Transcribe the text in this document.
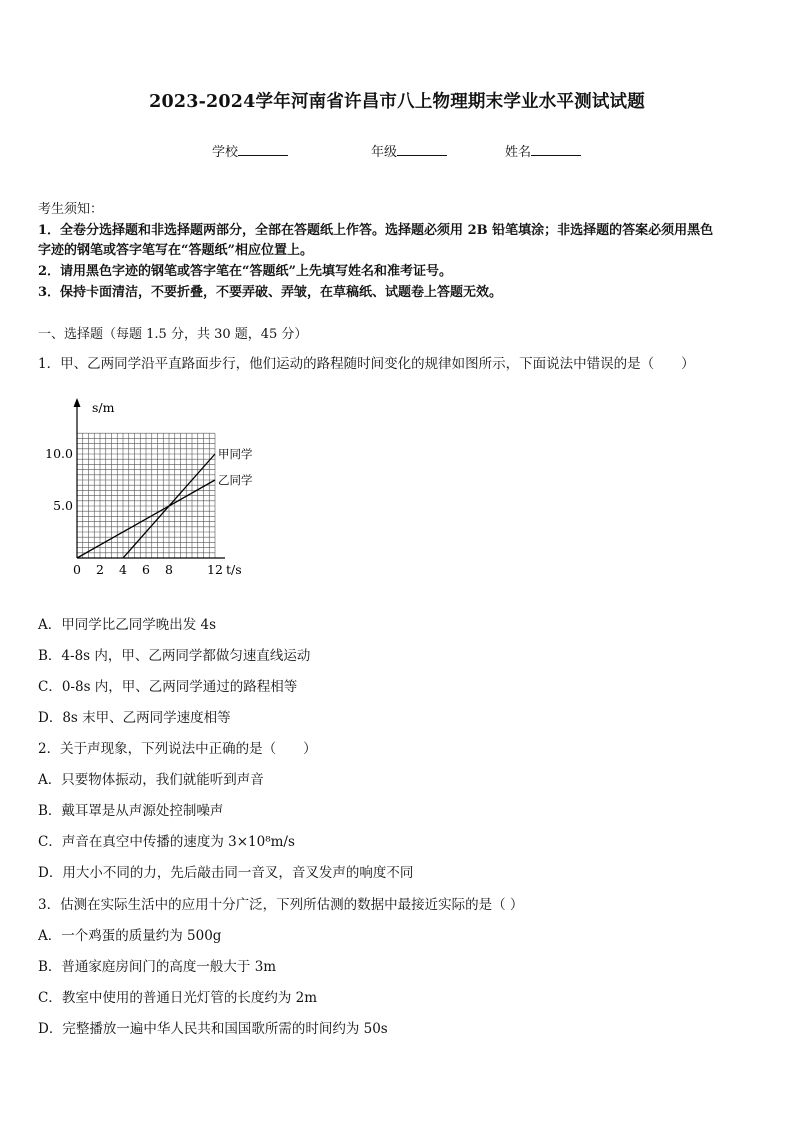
2023-2024学年河南省许昌市八上物理期末学业水平测试试题
学校	年级	姓名
考生须知：
1．全卷分选择题和非选择题两部分，全部在答题纸上作答。选择题必须用 2B 铅笔填涂；非选择题的答案必须用黑色
字迹的钢笔或答字笔写在“答题纸”相应位置上。
2．请用黑色字迹的钢笔或答字笔在“答题纸”上先填写姓名和准考证号。
3．保持卡面清洁，不要折叠，不要弄破、弄皱，在草稿纸、试题卷上答题无效。
一、选择题（每题 1.5 分，共 30 题，45 分）
1．甲、乙两同学沿平直路面步行，他们运动的路程随时间变化的规律如图所示，下面说法中错误的是（　　）
0 2 4 6 8	12
10.0
5.0
甲同学
乙同学
s/m
t/s
A．甲同学比乙同学晚出发 4s
B．4-8s 内，甲、乙两同学都做匀速直线运动
C．0-8s 内，甲、乙两同学通过的路程相等
D．8s 末甲、乙两同学速度相等
2．关于声现象，下列说法中正确的是（　　）
A．只要物体振动，我们就能听到声音
B．戴耳罩是从声源处控制噪声
C．声音在真空中传播的速度为 3×10⁸m/s
D．用大小不同的力，先后敲击同一音叉，音叉发声的响度不同
3．估测在实际生活中的应用十分广泛，下列所估测的数据中最接近实际的是（ ）
A．一个鸡蛋的质量约为 500g
B．普通家庭房间门的高度一般大于 3m
C．教室中使用的普通日光灯管的长度约为 2m
D．完整播放一遍中华人民共和国国歌所需的时间约为 50s
